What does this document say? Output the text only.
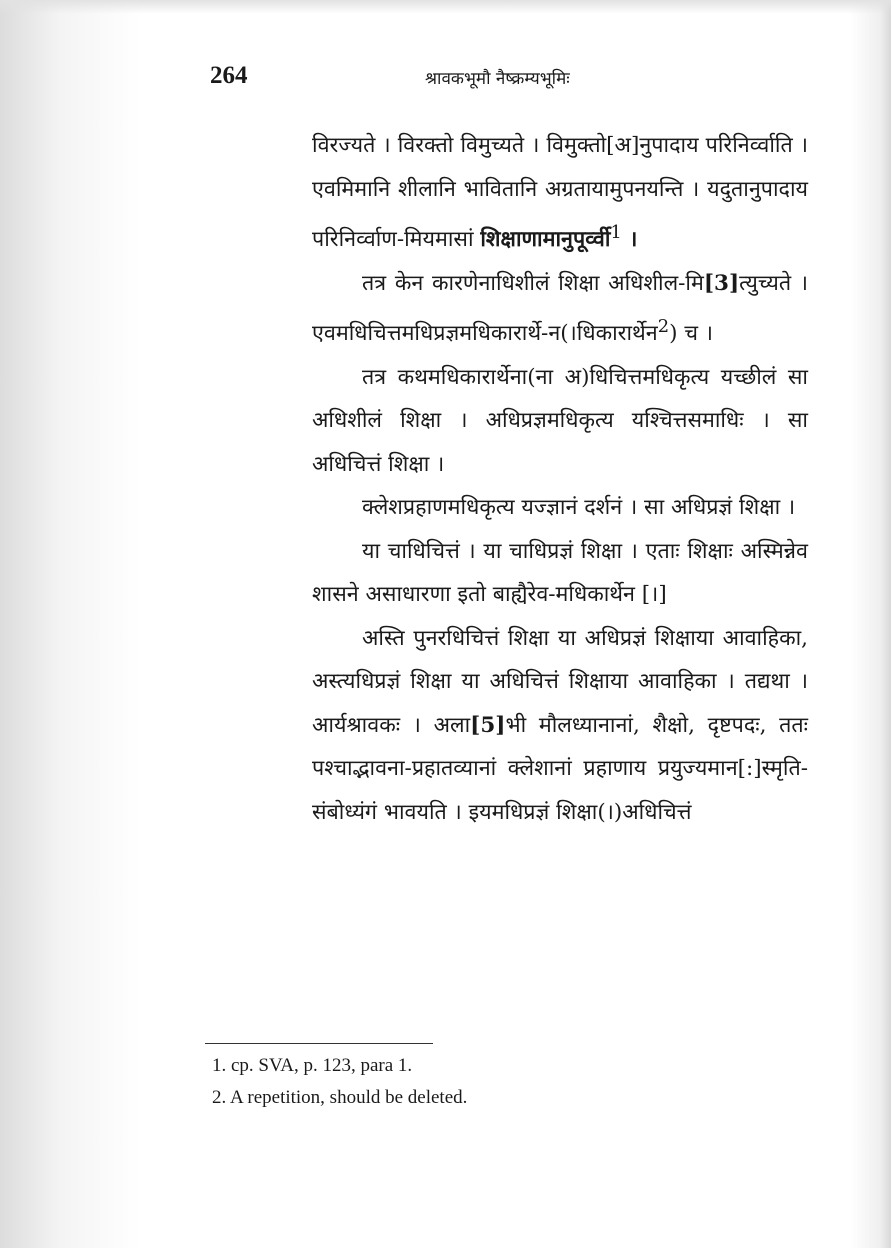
264	श्रावकभूमौ नैष्क्रम्यभूमिः

विरज्यते । विरक्तो विमुच्यते । विमुक्तो[अ]नुपादाय परिनिर्व्वाति । एवमिमानि शीलानि भावितानि अग्रतायामुपनयन्ति । यदुतानुपादाय परिनिर्व्वाण-मियमासां शिक्षाणामानुपूर्व्वी$^1$ ।

तत्र केन कारणेनाधिशीलं शिक्षा अधिशील-मि[3]त्युच्यते । एवमधिचित्तमधिप्रज्ञमधिकारार्थे-न(।धिकारार्थेन$^2$) च ।

तत्र कथमधिकारार्थेना(ना अ)धिचित्तमधिकृत्य यच्छीलं सा अधिशीलं शिक्षा । अधिप्रज्ञमधिकृत्य यश्चित्तसमाधिः । सा अधिचित्तं शिक्षा ।

क्लेशप्रहाणमधिकृत्य यज्ज्ञानं दर्शनं । सा अधिप्रज्ञं शिक्षा ।

या चाधिचित्तं । या चाधिप्रज्ञं शिक्षा । एताः शिक्षाः अस्मिन्नेव शासने असाधारणा इतो बाह्यैरेव-मधिकार्थेन [।]

अस्ति पुनरधिचित्तं शिक्षा या अधिप्रज्ञं शिक्षाया आवाहिका, अस्त्यधिप्रज्ञं शिक्षा या अधिचित्तं शिक्षाया आवाहिका । तद्यथा । आर्यश्रावकः । अला[5]भी मौलध्यानानां, शैक्षो, दृष्टपदः, ततः पश्चाद्भावना-प्रहातव्यानां क्लेशानां प्रहाणाय प्रयुज्यमान[:]स्मृति-संबोध्यंगं भावयति । इयमधिप्रज्ञं शिक्षा(।)अधिचित्तं

1. cp. SVA, p. 123, para 1.
2. A repetition, should be deleted.
